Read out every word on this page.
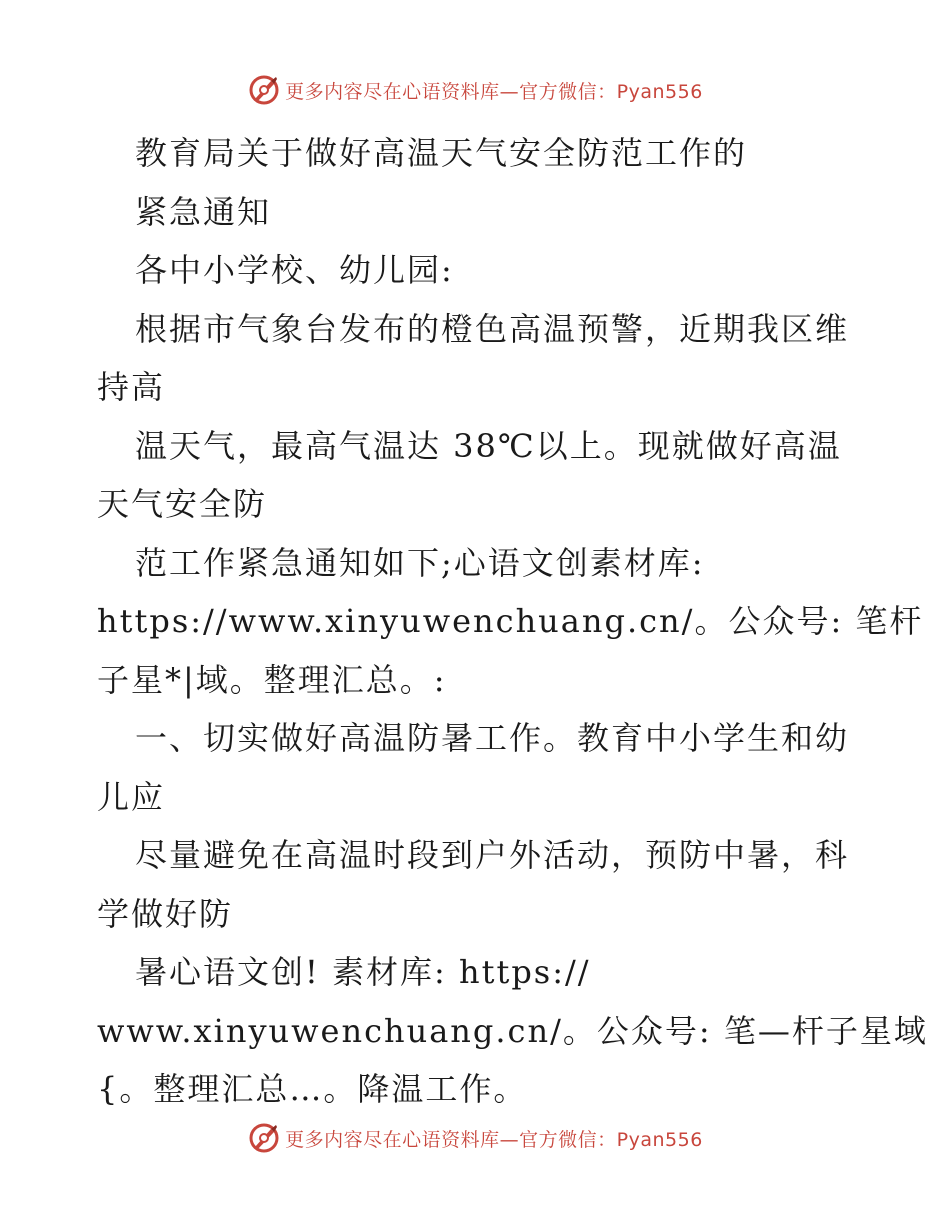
更多内容尽在心语资料库—官方微信：Pyan556
教育局关于做好高温天气安全防范工作的
紧急通知
各中小学校、幼儿园:
根据市气象台发布的橙色高温预警，近期我区维
持高
温天气，最高气温达 38℃以上。现就做好高温
天气安全防
范工作紧急通知如下;心语文创素材库:
https://www.xinyuwenchuang.cn/。公众号: 笔杆
子星*|域。整理汇总。:
一、切实做好高温防暑工作。教育中小学生和幼
儿应
尽量避免在高温时段到户外活动，预防中暑，科
学做好防
暑心语文创! 素材库: https://
www.xinyuwenchuang.cn/。公众号: 笔—杆子星域
{。整理汇总…。降温工作。
更多内容尽在心语资料库—官方微信：Pyan556
